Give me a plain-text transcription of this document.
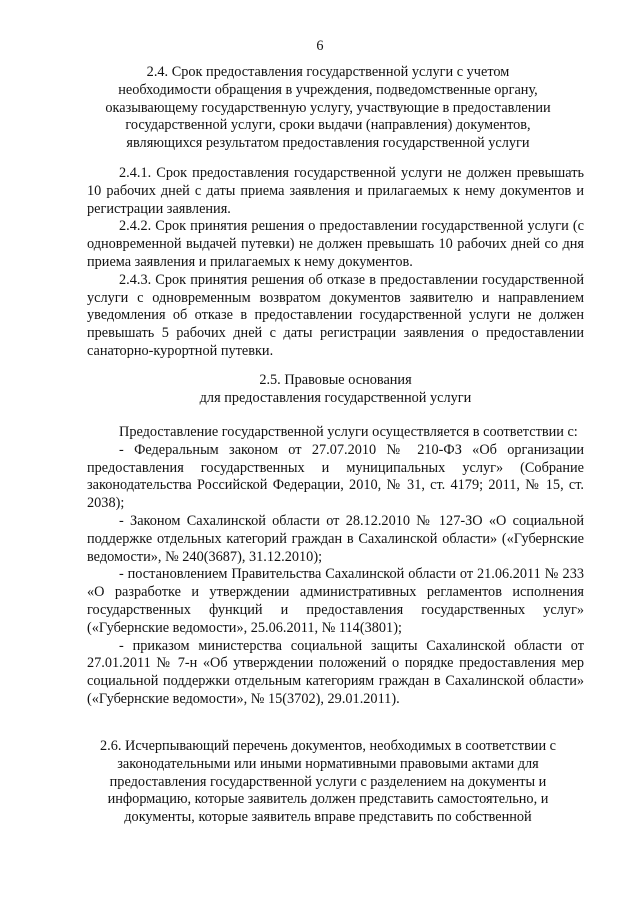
6
2.4. Срок предоставления государственной услуги с учетом
необходимости обращения в учреждения, подведомственные органу,
оказывающему государственную услугу, участвующие в предоставлении
государственной услуги, сроки выдачи (направления) документов,
являющихся результатом предоставления государственной услуги

2.4.1. Срок предоставления государственной услуги не должен превышать 10 рабочих дней с даты приема заявления и прилагаемых к нему документов и регистрации заявления.

2.4.2. Срок принятия решения о предоставлении государственной услуги (с одновременной выдачей путевки) не должен превышать 10 рабочих дней со дня приема заявления и прилагаемых к нему документов.

2.4.3. Срок принятия решения об отказе в предоставлении государственной услуги с одновременным возвратом документов заявителю и направлением уведомления об отказе в предоставлении государственной услуги не должен превышать 5 рабочих дней с даты регистрации заявления о предоставлении санаторно-курортной путевки.

2.5. Правовые основания
для предоставления государственной услуги

Предоставление государственной услуги осуществляется в соответствии с:

- Федеральным законом от 27.07.2010 № 210-ФЗ «Об организации предоставления государственных и муниципальных услуг» (Собрание законодательства Российской Федерации, 2010, № 31, ст. 4179; 2011, № 15, ст. 2038);

- Законом Сахалинской области от 28.12.2010 № 127-ЗО «О социальной поддержке отдельных категорий граждан в Сахалинской области» («Губернские ведомости», № 240(3687), 31.12.2010);

- постановлением Правительства Сахалинской области от 21.06.2011 № 233 «О разработке и утверждении административных регламентов исполнения государственных функций и предоставления государственных услуг» («Губернские ведомости», 25.06.2011, № 114(3801);

- приказом министерства социальной защиты Сахалинской области от 27.01.2011 № 7-н «Об утверждении положений о порядке предоставления мер социальной поддержки отдельным категориям граждан в Сахалинской области» («Губернские ведомости», № 15(3702), 29.01.2011).

2.6. Исчерпывающий перечень документов, необходимых в соответствии с
законодательными или иными нормативными правовыми актами для
предоставления государственной услуги с разделением на документы и
информацию, которые заявитель должен представить самостоятельно, и
документы, которые заявитель вправе представить по собственной
